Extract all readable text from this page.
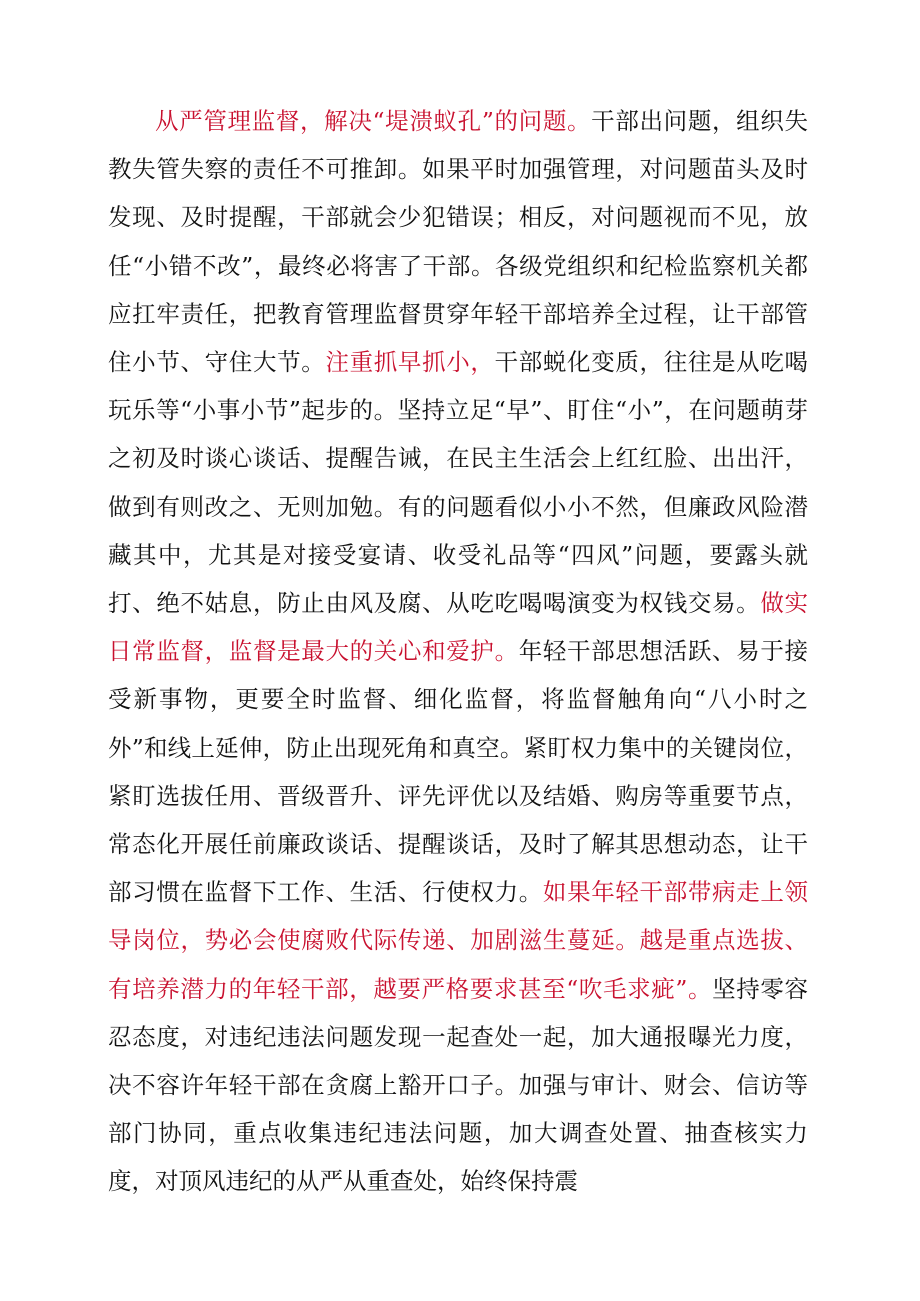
从严管理监督，解决“堤溃蚁孔”的问题。干部出问题，组织失教失管失察的责任不可推卸。如果平时加强管理，对问题苗头及时发现、及时提醒，干部就会少犯错误；相反，对问题视而不见，放任“小错不改”，最终必将害了干部。各级党组织和纪检监察机关都应扛牢责任，把教育管理监督贯穿年轻干部培养全过程，让干部管住小节、守住大节。注重抓早抓小，干部蜕化变质，往往是从吃喝玩乐等“小事小节”起步的。坚持立足“早”、盯住“小”，在问题萌芽之初及时谈心谈话、提醒告诫，在民主生活会上红红脸、出出汗，做到有则改之、无则加勉。有的问题看似小小不然，但廉政风险潜藏其中，尤其是对接受宴请、收受礼品等“四风”问题，要露头就打、绝不姑息，防止由风及腐、从吃吃喝喝演变为权钱交易。做实日常监督，监督是最大的关心和爱护。年轻干部思想活跃、易于接受新事物，更要全时监督、细化监督，将监督触角向“八小时之外”和线上延伸，防止出现死角和真空。紧盯权力集中的关键岗位，紧盯选拔任用、晋级晋升、评先评优以及结婚、购房等重要节点，常态化开展任前廉政谈话、提醒谈话，及时了解其思想动态，让干部习惯在监督下工作、生活、行使权力。如果年轻干部带病走上领导岗位，势必会使腐败代际传递、加剧滋生蔓延。越是重点选拔、有培养潜力的年轻干部，越要严格要求甚至“吹毛求疵”。坚持零容忍态度，对违纪违法问题发现一起查处一起，加大通报曝光力度，决不容许年轻干部在贪腐上豁开口子。加强与审计、财会、信访等部门协同，重点收集违纪违法问题，加大调查处置、抽查核实力度，对顶风违纪的从严从重查处，始终保持震
